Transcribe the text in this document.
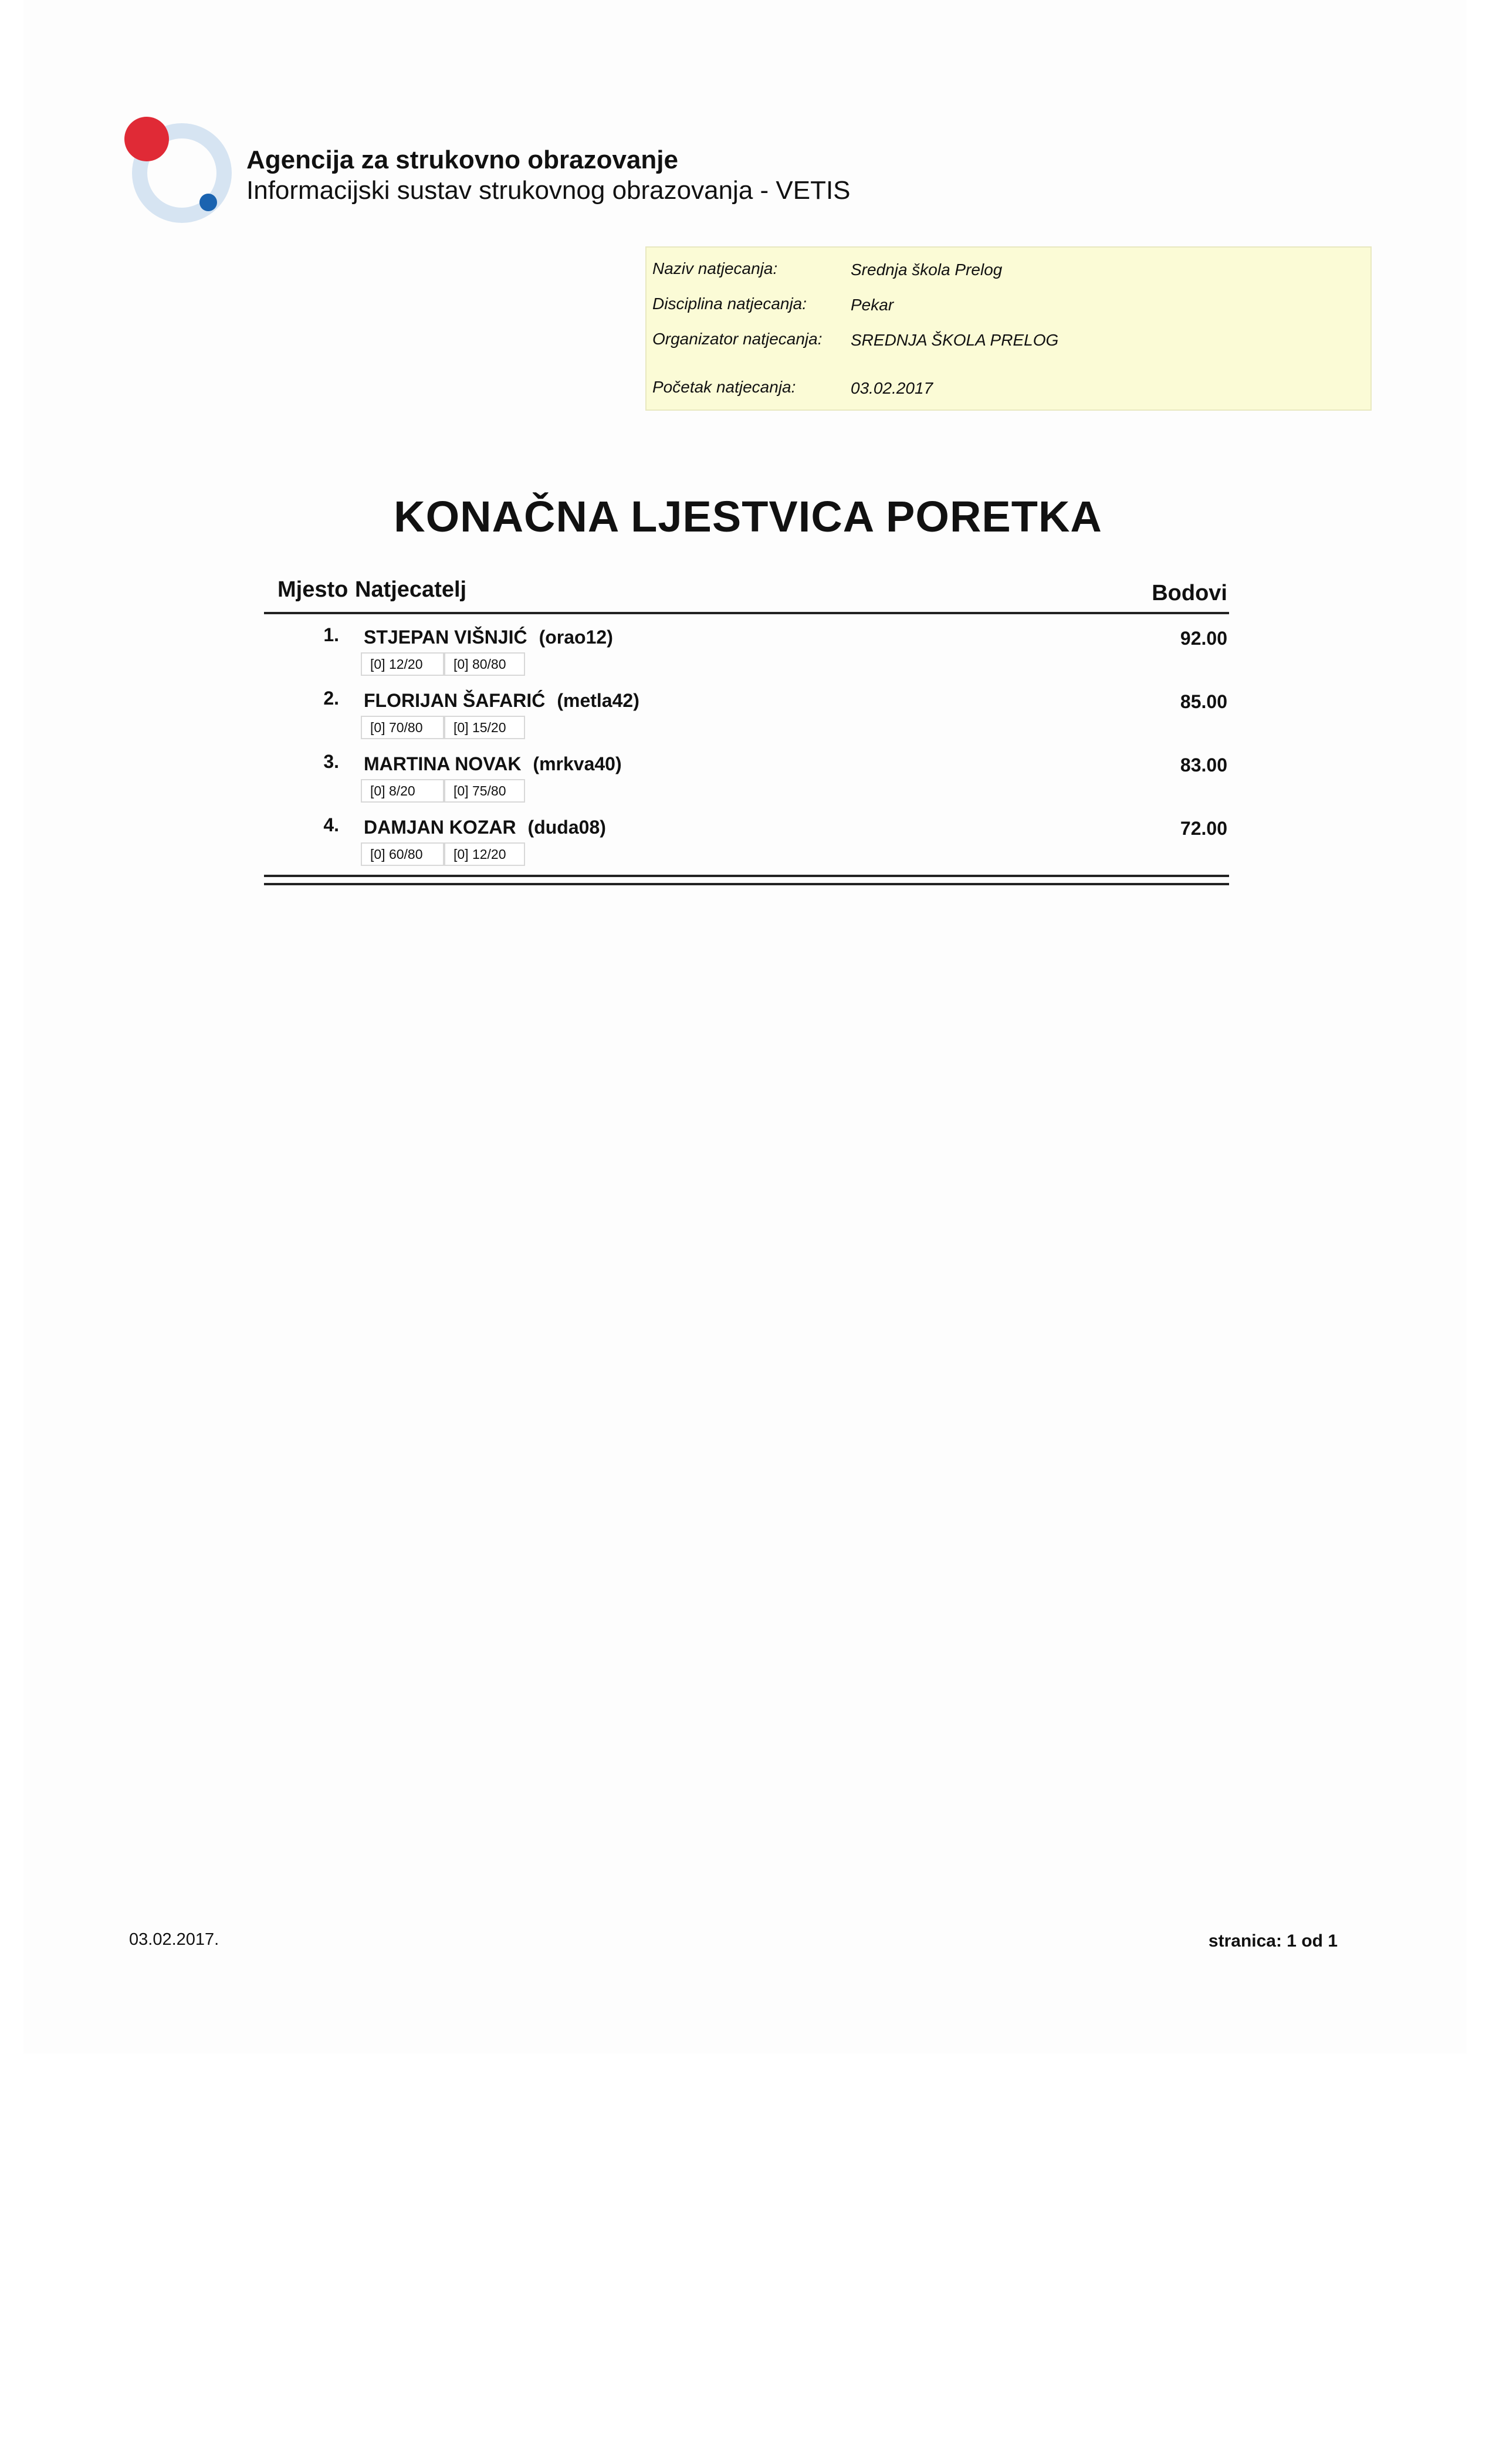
Agencija za strukovno obrazovanje
Informacijski sustav strukovnog obrazovanja - VETIS
Naziv natjecanja:	Srednja škola Prelog
Disciplina natjecanja:	Pekar
Organizator natjecanja: SREDNJA ŠKOLA PRELOG
Početak natjecanja:	03.02.2017
KONAČNA LJESTVICA PORETKA
Mjesto Natjecatelj	Bodovi
1. STJEPAN VIŠNJIĆ (orao12)	92.00
[0] 12/20	[0] 80/80
2. FLORIJAN ŠAFARIĆ (metla42)	85.00
[0] 70/80	[0] 15/20
3. MARTINA NOVAK (mrkva40)	83.00
[0] 8/20	[0] 75/80
4. DAMJAN KOZAR (duda08)	72.00
[0] 60/80	[0] 12/20
03.02.2017.	stranica: 1 od 1
